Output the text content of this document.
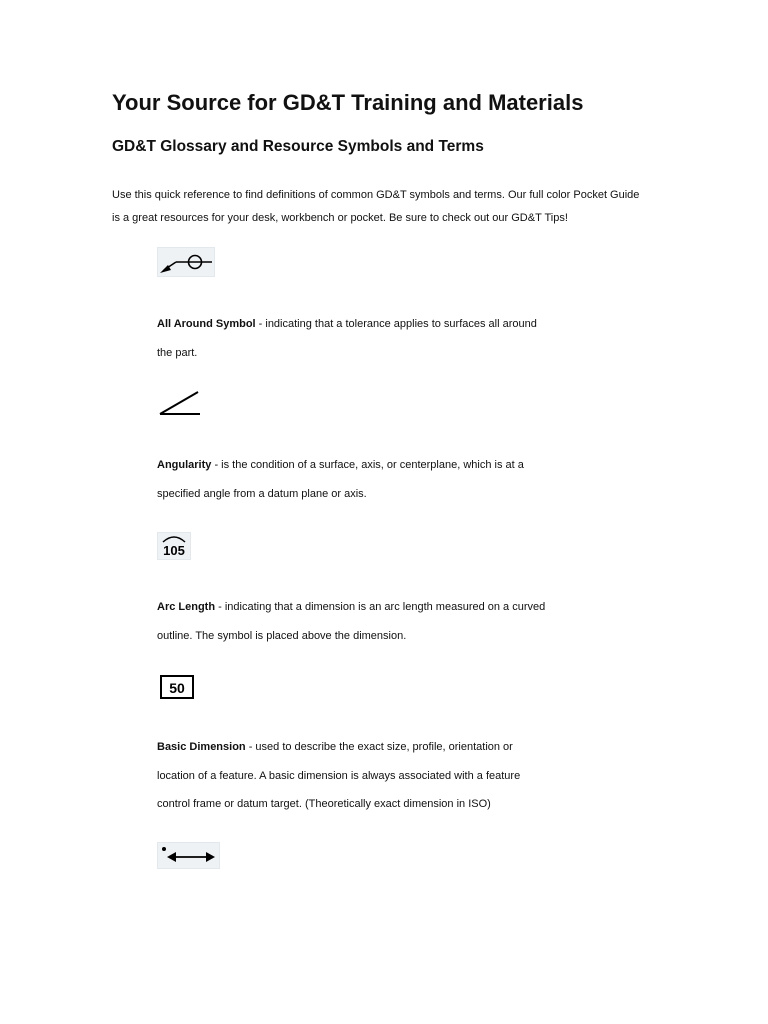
Your Source for GD&T Training and Materials
GD&T Glossary and Resource Symbols and Terms

Use this quick reference to find definitions of common GD&T symbols and terms. Our full color Pocket Guide
is a great resources for your desk, workbench or pocket. Be sure to check out our GD&T Tips!

All Around Symbol - indicating that a tolerance applies to surfaces all around
the part.

Angularity - is the condition of a surface, axis, or centerplane, which is at a
specified angle from a datum plane or axis.

105

Arc Length - indicating that a dimension is an arc length measured on a curved
outline. The symbol is placed above the dimension.

50

Basic Dimension - used to describe the exact size, profile, orientation or
location of a feature. A basic dimension is always associated with a feature
control frame or datum target. (Theoretically exact dimension in ISO)
